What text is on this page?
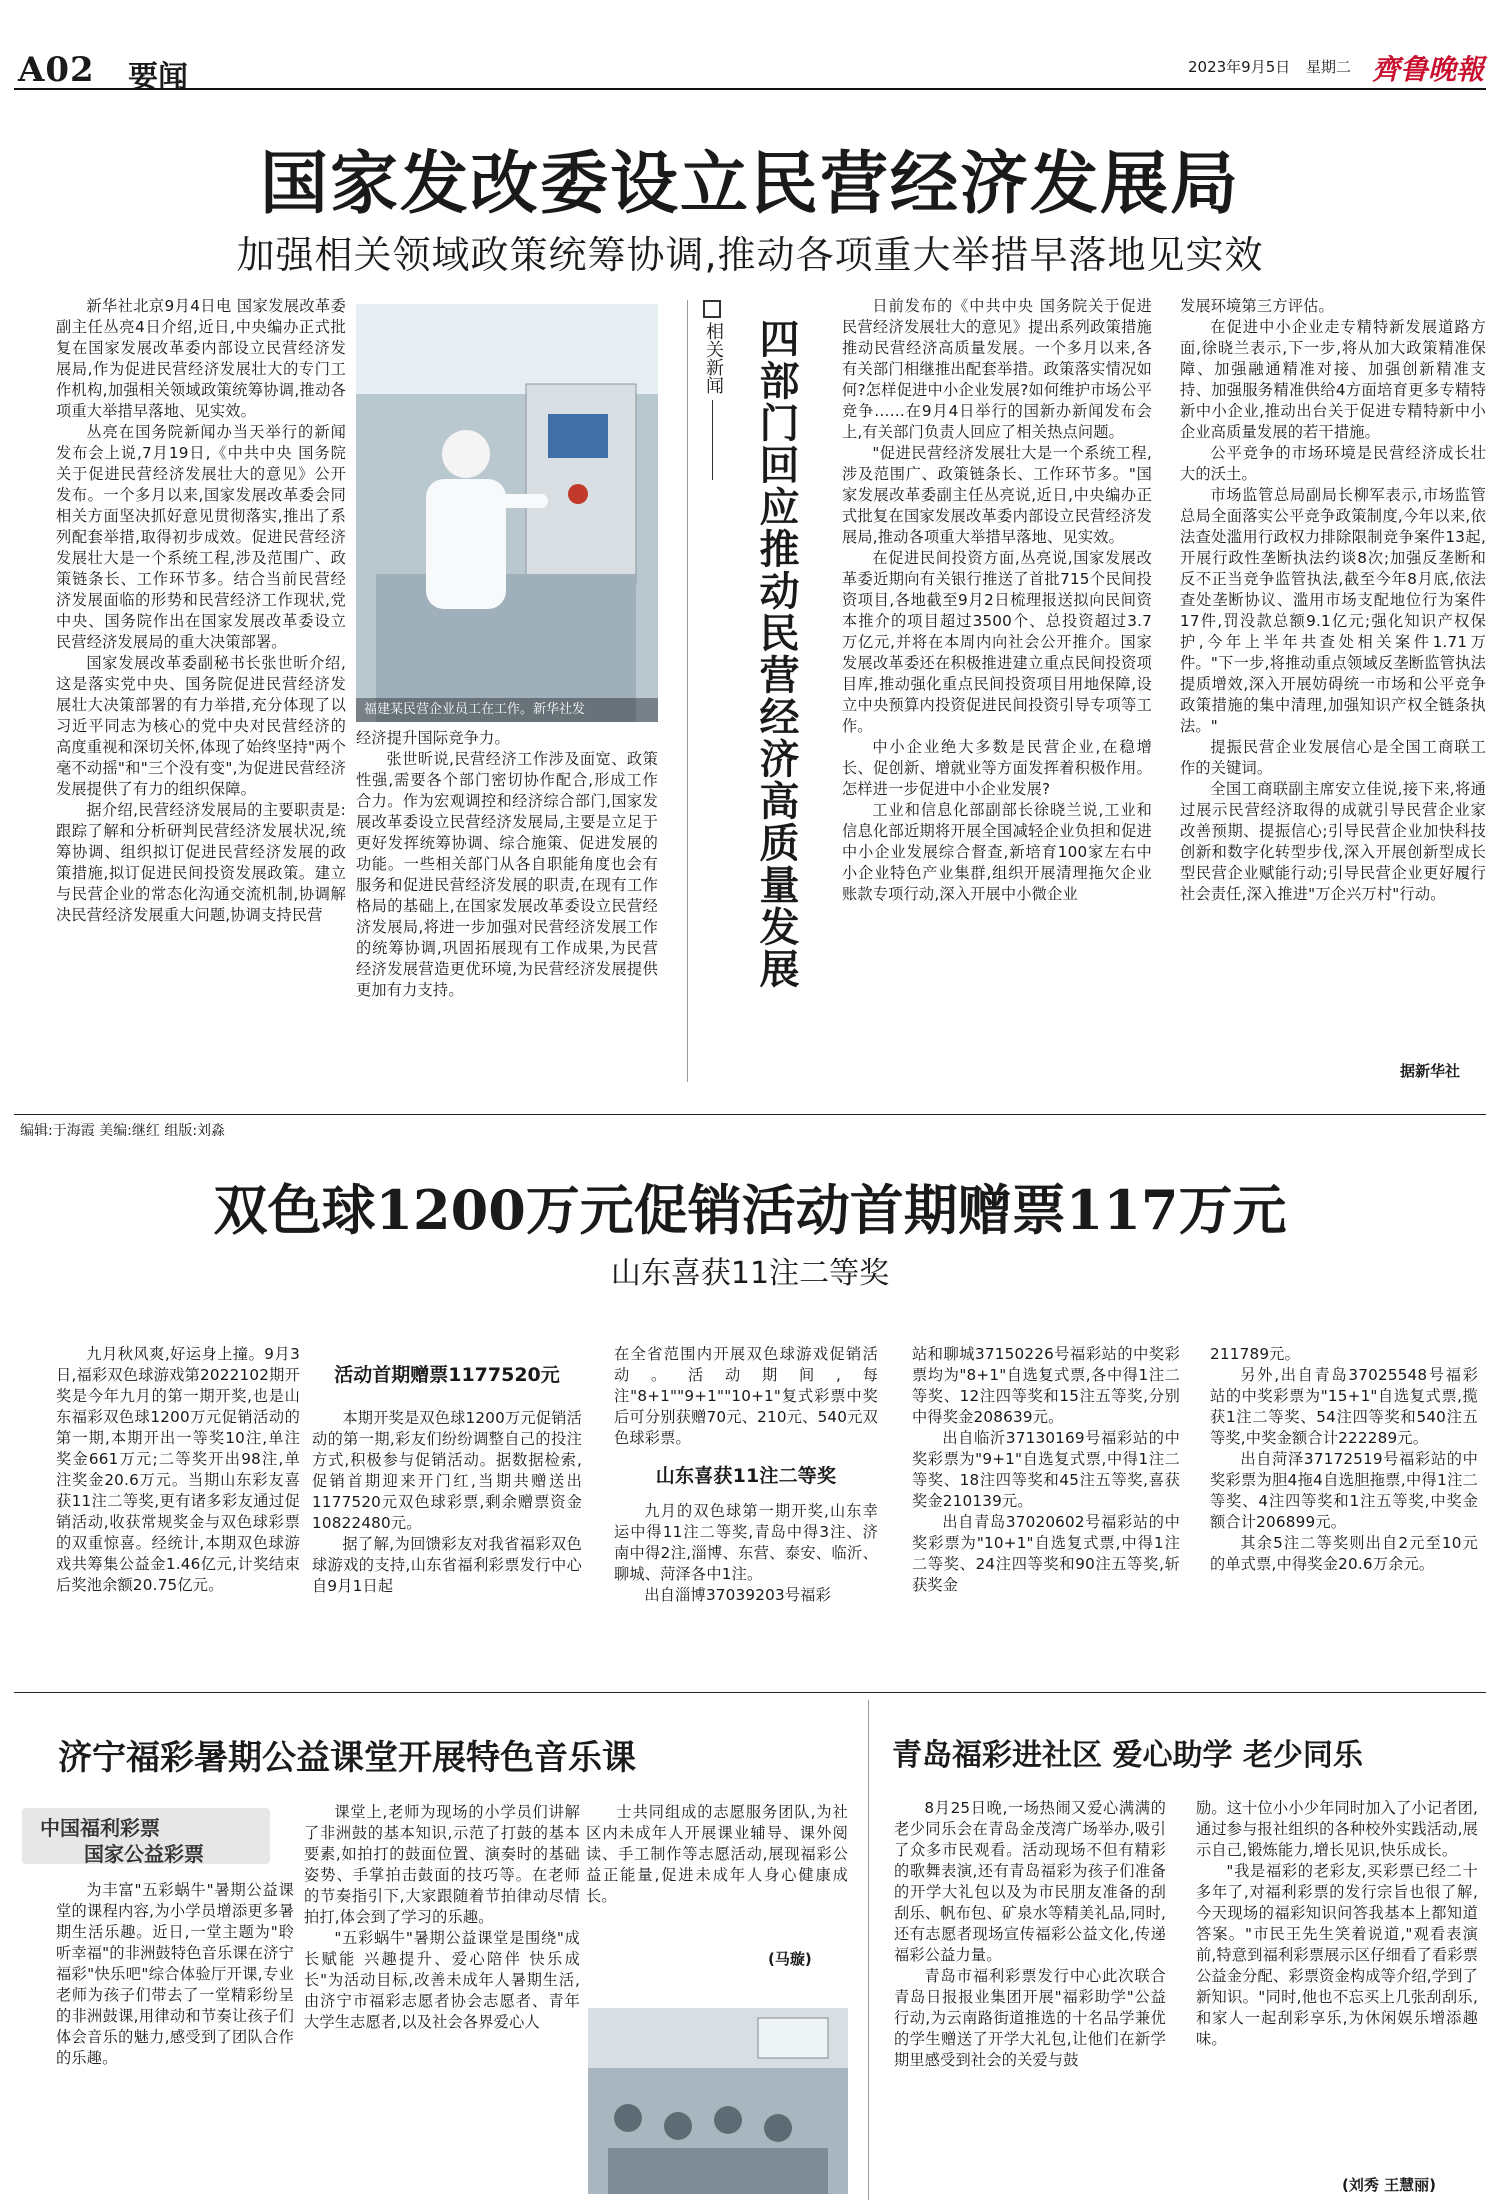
A02 要闻	2023年9月5日 星期二 齊鲁晚報
国家发改委设立民营经济发展局
加强相关领域政策统筹协调,推动各项重大举措早落地见实效

新华社北京9月4日电 国家发展改革委副主任丛亮4日介绍,近日,中央编办正式批复在国家发展改革委内部设立民营经济发展局,作为促进民营经济发展壮大的专门工作机构,加强相关领域政策统筹协调,推动各项重大举措早落地、见实效。

丛亮在国务院新闻办当天举行的新闻发布会上说,7月19日,《中共中央 国务院关于促进民营经济发展壮大的意见》公开发布。一个多月以来,国家发展改革委会同相关方面坚决抓好意见贯彻落实,推出了系列配套举措,取得初步成效。促进民营经济发展壮大是一个系统工程,涉及范围广、政策链条长、工作环节多。结合当前民营经济发展面临的形势和民营经济工作现状,党中央、国务院作出在国家发展改革委设立民营经济发展局的重大决策部署。

国家发展改革委副秘书长张世昕介绍,这是落实党中央、国务院促进民营经济发展壮大决策部署的有力举措,充分体现了以习近平同志为核心的党中央对民营经济的高度重视和深切关怀,体现了始终坚持"两个毫不动摇"和"三个没有变",为促进民营经济发展提供了有力的组织保障。

据介绍,民营经济发展局的主要职责是:跟踪了解和分析研判民营经济发展状况,统筹协调、组织拟订促进民营经济发展的政策措施,拟订促进民间投资发展政策。建立与民营企业的常态化沟通交流机制,协调解决民营经济发展重大问题,协调支持民营

福建某民营企业员工在工作。新华社发

经济提升国际竞争力。

张世昕说,民营经济工作涉及面宽、政策性强,需要各个部门密切协作配合,形成工作合力。作为宏观调控和经济综合部门,国家发展改革委设立民营经济发展局,主要是立足于更好发挥统筹协调、综合施策、促进发展的功能。一些相关部门从各自职能角度也会有服务和促进民营经济发展的职责,在现有工作格局的基础上,在国家发展改革委设立民营经济发展局,将进一步加强对民营经济发展工作的统筹协调,巩固拓展现有工作成果,为民营经济发展营造更优环境,为民营经济发展提供更加有力支持。

相关新闻 四部门回应推动民营经济高质量发展

日前发布的《中共中央 国务院关于促进民营经济发展壮大的意见》提出系列政策措施推动民营经济高质量发展。一个多月以来,各有关部门相继推出配套举措。政策落实情况如何?怎样促进中小企业发展?如何维护市场公平竞争……在9月4日举行的国新办新闻发布会上,有关部门负责人回应了相关热点问题。

"促进民营经济发展壮大是一个系统工程,涉及范围广、政策链条长、工作环节多。"国家发展改革委副主任丛亮说,近日,中央编办正式批复在国家发展改革委内部设立民营经济发展局,推动各项重大举措早落地、见实效。

在促进民间投资方面,丛亮说,国家发展改革委近期向有关银行推送了首批715个民间投资项目,各地截至9月2日梳理报送拟向民间资本推介的项目超过3500个、总投资超过3.7万亿元,并将在本周内向社会公开推介。国家发展改革委还在积极推进建立重点民间投资项目库,推动强化重点民间投资项目用地保障,设立中央预算内投资促进民间投资引导专项等工作。

中小企业绝大多数是民营企业,在稳增长、促创新、增就业等方面发挥着积极作用。怎样进一步促进中小企业发展?

工业和信息化部副部长徐晓兰说,工业和信息化部近期将开展全国减轻企业负担和促进中小企业发展综合督查,新培育100家左右中小企业特色产业集群,组织开展清理拖欠企业账款专项行动,深入开展中小微企业

发展环境第三方评估。

在促进中小企业走专精特新发展道路方面,徐晓兰表示,下一步,将从加大政策精准保障、加强融通精准对接、加强创新精准支持、加强服务精准供给4方面培育更多专精特新中小企业,推动出台关于促进专精特新中小企业高质量发展的若干措施。

公平竞争的市场环境是民营经济成长壮大的沃土。

市场监管总局副局长柳军表示,市场监管总局全面落实公平竞争政策制度,今年以来,依法查处滥用行政权力排除限制竞争案件13起,开展行政性垄断执法约谈8次;加强反垄断和反不正当竞争监管执法,截至今年8月底,依法查处垄断协议、滥用市场支配地位行为案件17件,罚没款总额9.1亿元;强化知识产权保护,今年上半年共查处相关案件1.71万件。"下一步,将推动重点领域反垄断监管执法提质增效,深入开展妨碍统一市场和公平竞争政策措施的集中清理,加强知识产权全链条执法。"

提振民营企业发展信心是全国工商联工作的关键词。

全国工商联副主席安立佳说,接下来,将通过展示民营经济取得的成就引导民营企业家改善预期、提振信心;引导民营企业加快科技创新和数字化转型步伐,深入开展创新型成长型民营企业赋能行动;引导民营企业更好履行社会责任,深入推进"万企兴万村"行动。

据新华社
编辑:于海霞 美编:继红 组版:刘淼
双色球1200万元促销活动首期赠票117万元
山东喜获11注二等奖

九月秋风爽,好运身上撞。9月3日,福彩双色球游戏第2022102期开奖是今年九月的第一期开奖,也是山东福彩双色球1200万元促销活动的第一期,本期开出一等奖10注,单注奖金661万元;二等奖开出98注,单注奖金20.6万元。当期山东彩友喜获11注二等奖,更有诸多彩友通过促销活动,收获常规奖金与双色球彩票的双重惊喜。经统计,本期双色球游戏共筹集公益金1.46亿元,计奖结束后奖池余额20.75亿元。

活动首期赠票1177520元

本期开奖是双色球1200万元促销活动的第一期,彩友们纷纷调整自己的投注方式,积极参与促销活动。据数据检索,促销首期迎来开门红,当期共赠送出1177520元双色球彩票,剩余赠票资金10822480元。

据了解,为回馈彩友对我省福彩双色球游戏的支持,山东省福利彩票发行中心自9月1日起

在全省范围内开展双色球游戏促销活动。活动期间,每注"8+1""9+1""10+1"复式彩票中奖后可分别获赠70元、210元、540元双色球彩票。

山东喜获11注二等奖

九月的双色球第一期开奖,山东幸运中得11注二等奖,青岛中得3注、济南中得2注,淄博、东营、泰安、临沂、聊城、菏泽各中1注。

出自淄博37039203号福彩

站和聊城37150226号福彩站的中奖彩票均为"8+1"自选复式票,各中得1注二等奖、12注四等奖和15注五等奖,分别中得奖金208639元。

出自临沂37130169号福彩站的中奖彩票为"9+1"自选复式票,中得1注二等奖、18注四等奖和45注五等奖,喜获奖金210139元。

出自青岛37020602号福彩站的中奖彩票为"10+1"自选复式票,中得1注二等奖、24注四等奖和90注五等奖,斩获奖金

211789元。

另外,出自青岛37025548号福彩站的中奖彩票为"15+1"自选复式票,揽获1注二等奖、54注四等奖和540注五等奖,中奖金额合计222289元。

出自菏泽37172519号福彩站的中奖彩票为胆4拖4自选胆拖票,中得1注二等奖、4注四等奖和1注五等奖,中奖金额合计206899元。

其余5注二等奖则出自2元至10元的单式票,中得奖金20.6万余元。

济宁福彩暑期公益课堂开展特色音乐课
中国福利彩票
国家公益彩票

为丰富"五彩蜗牛"暑期公益课堂的课程内容,为小学员增添更多暑期生活乐趣。近日,一堂主题为"聆听幸福"的非洲鼓特色音乐课在济宁福彩"快乐吧"综合体验厅开课,专业老师为孩子们带去了一堂精彩纷呈的非洲鼓课,用律动和节奏让孩子们体会音乐的魅力,感受到了团队合作的乐趣。

课堂上,老师为现场的小学员们讲解了非洲鼓的基本知识,示范了打鼓的基本要素,如拍打的鼓面位置、演奏时的基础姿势、手掌拍击鼓面的技巧等。在老师的节奏指引下,大家跟随着节拍律动尽情拍打,体会到了学习的乐趣。

"五彩蜗牛"暑期公益课堂是围绕"成长赋能 兴趣提升、爱心陪伴 快乐成长"为活动目标,改善未成年人暑期生活,由济宁市福彩志愿者协会志愿者、青年大学生志愿者,以及社会各界爱心人

士共同组成的志愿服务团队,为社区内未成年人开展课业辅导、课外阅读、手工制作等志愿活动,展现福彩公益正能量,促进未成年人身心健康成长。

(马璇)
青岛福彩进社区 爱心助学 老少同乐

8月25日晚,一场热闹又爱心满满的老少同乐会在青岛金茂湾广场举办,吸引了众多市民观看。活动现场不但有精彩的歌舞表演,还有青岛福彩为孩子们准备的开学大礼包以及为市民朋友准备的刮刮乐、帆布包、矿泉水等精美礼品,同时,还有志愿者现场宣传福彩公益文化,传递福彩公益力量。

青岛市福利彩票发行中心此次联合青岛日报报业集团开展"福彩助学"公益行动,为云南路街道推选的十名品学兼优的学生赠送了开学大礼包,让他们在新学期里感受到社会的关爱与鼓

励。这十位小小少年同时加入了小记者团,通过参与报社组织的各种校外实践活动,展示自己,锻炼能力,增长见识,快乐成长。

"我是福彩的老彩友,买彩票已经二十多年了,对福利彩票的发行宗旨也很了解,今天现场的福彩知识问答我基本上都知道答案。"市民王先生笑着说道,"观看表演前,特意到福利彩票展示区仔细看了看彩票公益金分配、彩票资金构成等介绍,学到了新知识。"同时,他也不忘买上几张刮刮乐,和家人一起刮彩享乐,为休闲娱乐增添趣味。

(刘秀 王慧丽)
